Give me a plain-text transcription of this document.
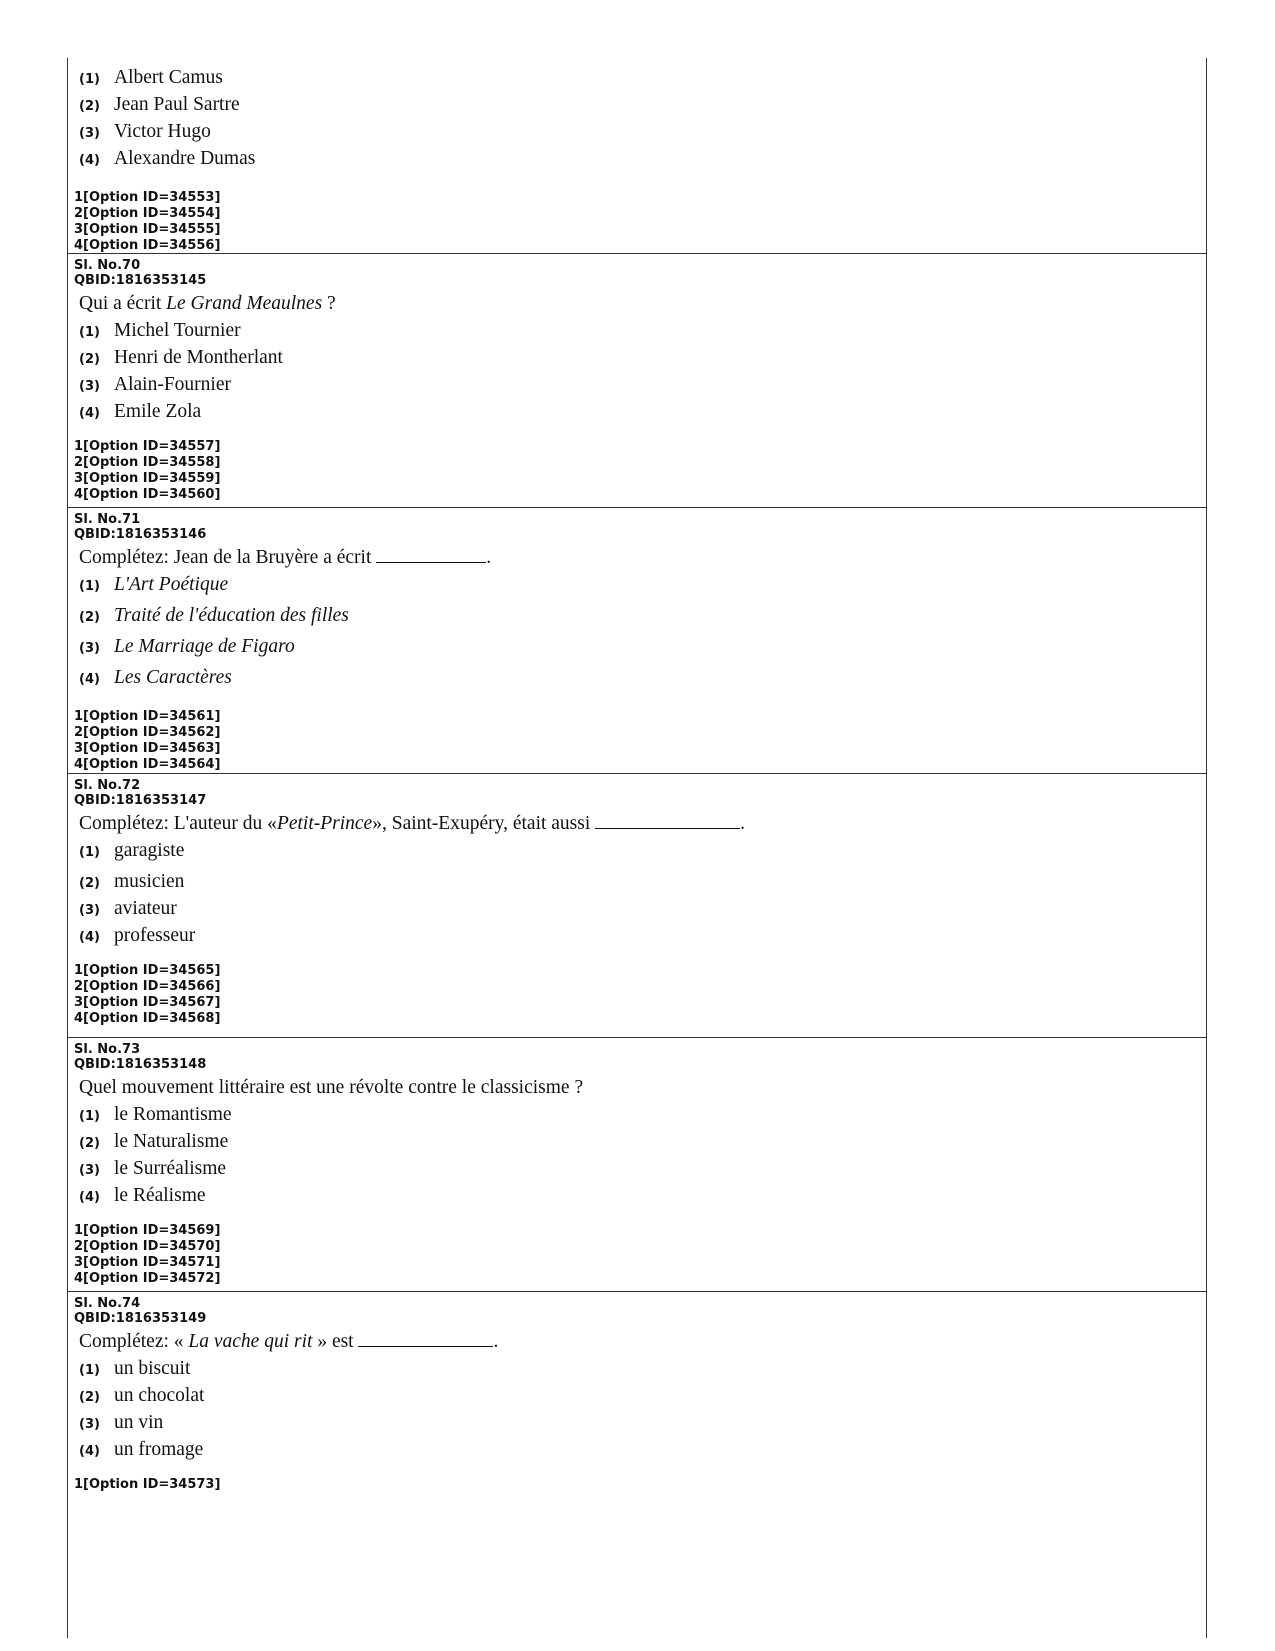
(1) Albert Camus
(2) Jean Paul Sartre
(3) Victor Hugo
(4) Alexandre Dumas
1[Option ID=34553]
2[Option ID=34554]
3[Option ID=34555]
4[Option ID=34556]
Sl. No.70
QBID:1816353145
Qui a écrit Le Grand Meaulnes ?
(1) Michel Tournier
(2) Henri de Montherlant
(3) Alain-Fournier
(4) Emile Zola
1[Option ID=34557]
2[Option ID=34558]
3[Option ID=34559]
4[Option ID=34560]
Sl. No.71
QBID:1816353146
Complétez: Jean de la Bruyère a écrit	.
(1) L'Art Poétique
(2) Traité de l'éducation des filles
(3) Le Marriage de Figaro
(4) Les Caractères
1[Option ID=34561]
2[Option ID=34562]
3[Option ID=34563]
4[Option ID=34564]
Sl. No.72
QBID:1816353147
Complétez: L'auteur du «Petit-Prince», Saint-Exupéry, était aussi	.
(1) garagiste
(2) musicien
(3) aviateur
(4) professeur
1[Option ID=34565]
2[Option ID=34566]
3[Option ID=34567]
4[Option ID=34568]
Sl. No.73
QBID:1816353148
Quel mouvement littéraire est une révolte contre le classicisme ?
(1) le Romantisme
(2) le Naturalisme
(3) le Surréalisme
(4) le Réalisme
1[Option ID=34569]
2[Option ID=34570]
3[Option ID=34571]
4[Option ID=34572]
Sl. No.74
QBID:1816353149
Complétez: « La vache qui rit » est	.
(1) un biscuit
(2) un chocolat
(3) un vin
(4) un fromage
1[Option ID=34573]
